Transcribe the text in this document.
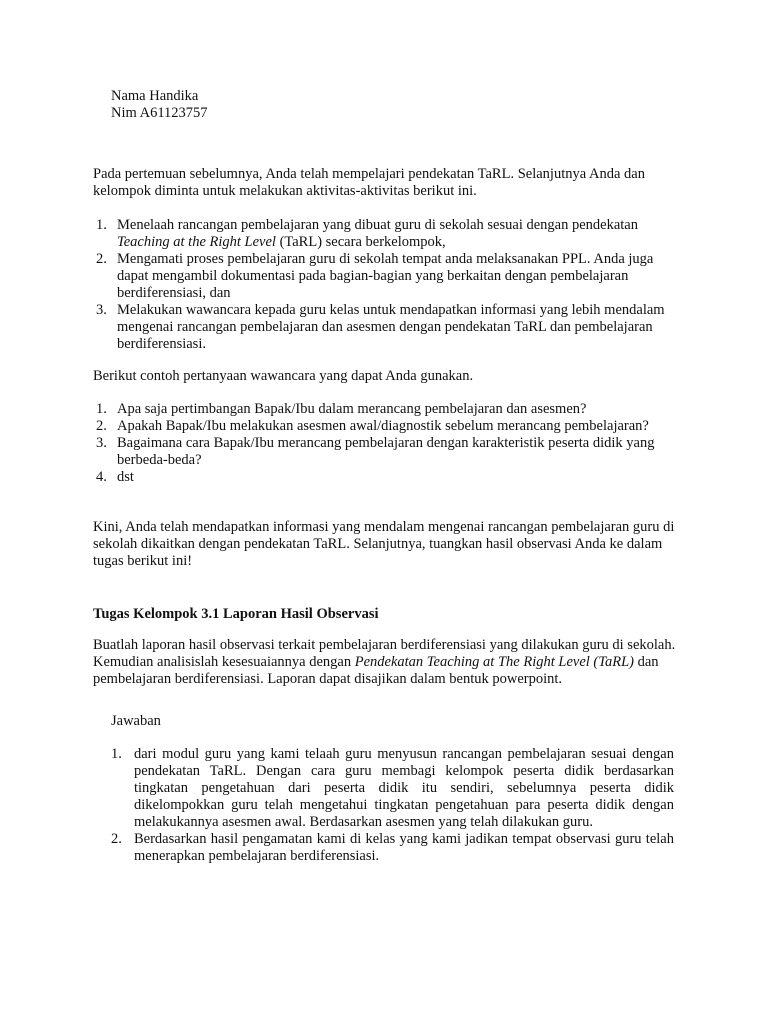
Nama Handika
Nim A61123757

Pada pertemuan sebelumnya, Anda telah mempelajari pendekatan TaRL. Selanjutnya Anda dan kelompok diminta untuk melakukan aktivitas-aktivitas berikut ini.

1. Menelaah rancangan pembelajaran yang dibuat guru di sekolah sesuai dengan pendekatan Teaching at the Right Level (TaRL) secara berkelompok,
2. Mengamati proses pembelajaran guru di sekolah tempat anda melaksanakan PPL. Anda juga dapat mengambil dokumentasi pada bagian-bagian yang berkaitan dengan pembelajaran berdiferensiasi, dan
3. Melakukan wawancara kepada guru kelas untuk mendapatkan informasi yang lebih mendalam mengenai rancangan pembelajaran dan asesmen dengan pendekatan TaRL dan pembelajaran berdiferensiasi.

Berikut contoh pertanyaan wawancara yang dapat Anda gunakan.

1. Apa saja pertimbangan Bapak/Ibu dalam merancang pembelajaran dan asesmen?
2. Apakah Bapak/Ibu melakukan asesmen awal/diagnostik sebelum merancang pembelajaran?
3. Bagaimana cara Bapak/Ibu merancang pembelajaran dengan karakteristik peserta didik yang berbeda-beda?
4. dst

Kini, Anda telah mendapatkan informasi yang mendalam mengenai rancangan pembelajaran guru di sekolah dikaitkan dengan pendekatan TaRL. Selanjutnya, tuangkan hasil observasi Anda ke dalam tugas berikut ini!

Tugas Kelompok 3.1 Laporan Hasil Observasi

Buatlah laporan hasil observasi terkait pembelajaran berdiferensiasi yang dilakukan guru di sekolah. Kemudian analisislah kesesuaiannya dengan Pendekatan Teaching at The Right Level (TaRL) dan pembelajaran berdiferensiasi. Laporan dapat disajikan dalam bentuk powerpoint.

Jawaban
1. dari modul guru yang kami telaah guru menyusun rancangan pembelajaran sesuai dengan pendekatan TaRL. Dengan cara guru membagi kelompok peserta didik berdasarkan tingkatan pengetahuan dari peserta didik itu sendiri, sebelumnya peserta didik dikelompokkan guru telah mengetahui tingkatan pengetahuan para peserta didik dengan melakukannya asesmen awal. Berdasarkan asesmen yang telah dilakukan guru.
2. Berdasarkan hasil pengamatan kami di kelas yang kami jadikan tempat observasi guru telah menerapkan pembelajaran berdiferensiasi.
